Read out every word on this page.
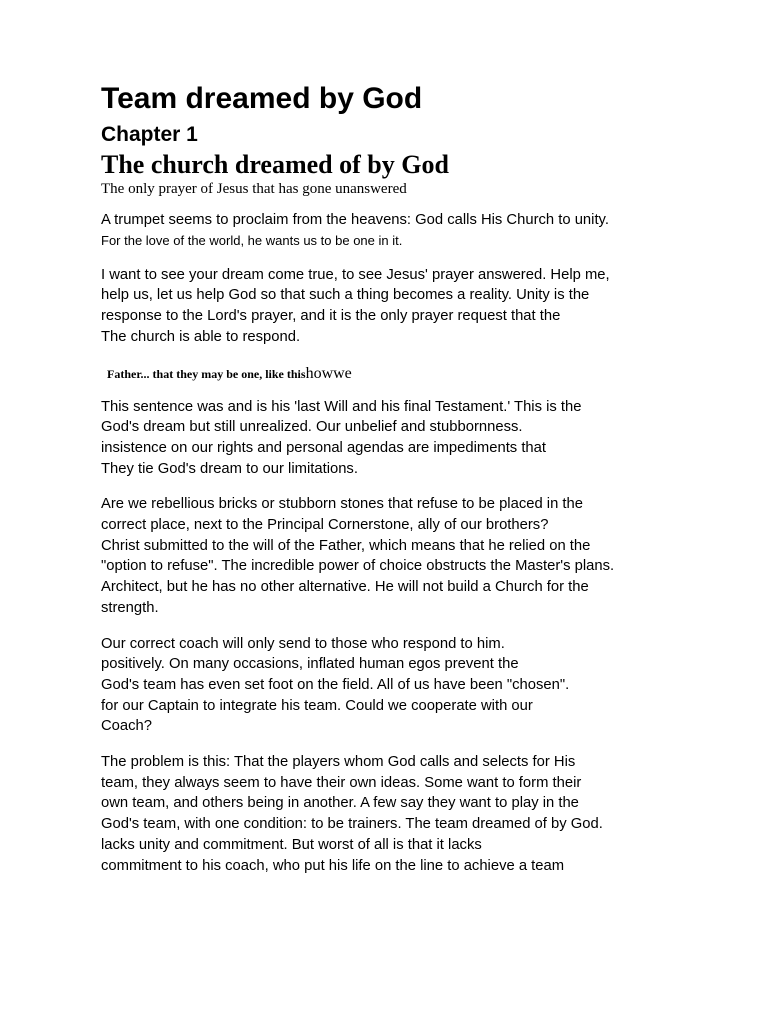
Team dreamed by God
Chapter 1
The church dreamed of by God

The only prayer of Jesus that has gone unanswered

A trumpet seems to proclaim from the heavens: God calls His Church to unity.
For the love of the world, he wants us to be one in it.

I want to see your dream come true, to see Jesus' prayer answered. Help me,
help us, let us help God so that such a thing becomes a reality. Unity is the
response to the Lord's prayer, and it is the only prayer request that the
The church is able to respond.

Father... that they may be one, like thishowwe

This sentence was and is his 'last Will and his final Testament.' This is the
God's dream but still unrealized. Our unbelief and stubbornness.
insistence on our rights and personal agendas are impediments that
They tie God's dream to our limitations.

Are we rebellious bricks or stubborn stones that refuse to be placed in the
correct place, next to the Principal Cornerstone, ally of our brothers?
Christ submitted to the will of the Father, which means that he relied on the
"option to refuse". The incredible power of choice obstructs the Master's plans.
Architect, but he has no other alternative. He will not build a Church for the
strength.

Our correct coach will only send to those who respond to him.
positively. On many occasions, inflated human egos prevent the
God's team has even set foot on the field. All of us have been "chosen".
for our Captain to integrate his team. Could we cooperate with our
Coach?

The problem is this: That the players whom God calls and selects for His
team, they always seem to have their own ideas. Some want to form their
own team, and others being in another. A few say they want to play in the
God's team, with one condition: to be trainers. The team dreamed of by God.
lacks unity and commitment. But worst of all is that it lacks
commitment to his coach, who put his life on the line to achieve a team
